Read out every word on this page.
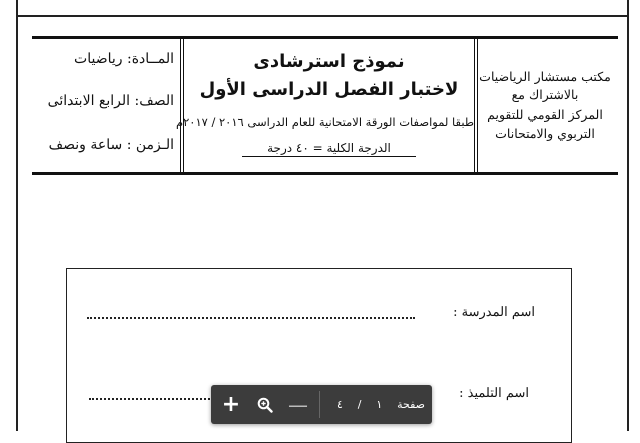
المــادة: رياضيات
الصف: الرابع الابتدائى
الـزمن : ساعة ونصف
نموذج استرشادى
لاختبار الفصل الدراسى الأول
طبقا لمواصفات الورقة الامتحانية للعام الدراسى ٢٠١٦ / ٢٠١٧م
الدرجة الكلية = ٤٠ درجة
مكتب مستشار الرياضيات
بالاشتراك مع
المركز القومي للتقويم
التربوي والامتحانات
اسم المدرسة :
اسم التلميذ :
+ —	٤ / ١ صفحة
